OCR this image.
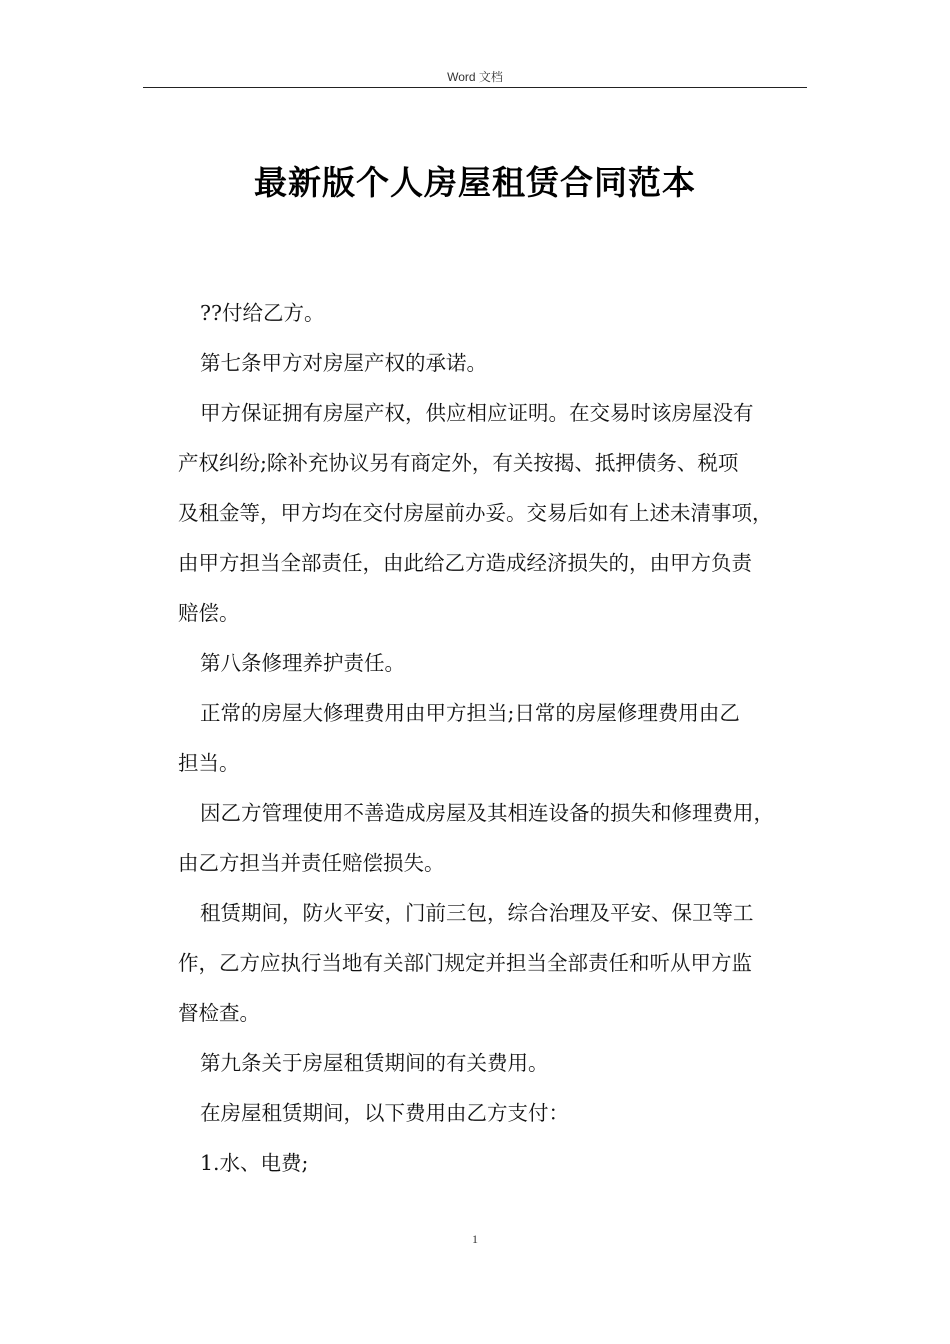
Word 文档
最新版个人房屋租赁合同范本

??付给乙方。

第七条甲方对房屋产权的承诺。

甲方保证拥有房屋产权，供应相应证明。在交易时该房屋没有

产权纠纷;除补充协议另有商定外，有关按揭、抵押债务、税项

及租金等，甲方均在交付房屋前办妥。交易后如有上述未清事项，

由甲方担当全部责任，由此给乙方造成经济损失的，由甲方负责

赔偿。

第八条修理养护责任。

正常的房屋大修理费用由甲方担当;日常的房屋修理费用由乙

担当。

因乙方管理使用不善造成房屋及其相连设备的损失和修理费用，

由乙方担当并责任赔偿损失。

租赁期间，防火平安，门前三包，综合治理及平安、保卫等工

作，乙方应执行当地有关部门规定并担当全部责任和听从甲方监

督检查。

第九条关于房屋租赁期间的有关费用。

在房屋租赁期间，以下费用由乙方支付：

1.水、电费;

1
